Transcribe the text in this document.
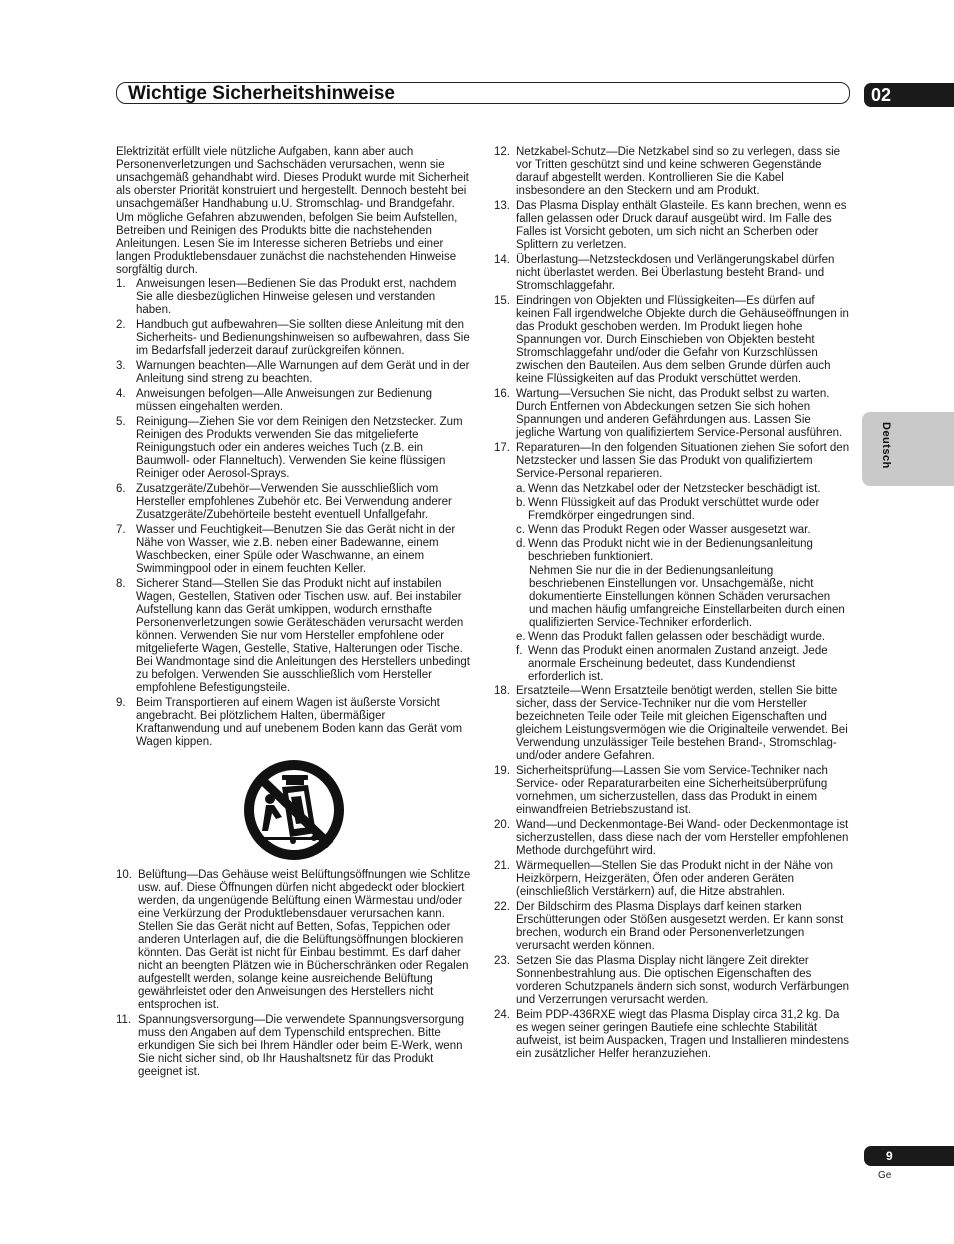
Wichtige Sicherheitshinweise	02
Deutsch

Elektrizität erfüllt viele nützliche Aufgaben, kann aber auch Personenverletzungen und Sachschäden verursachen, wenn sie unsachgemäß gehandhabt wird. Dieses Produkt wurde mit Sicherheit als oberster Priorität konstruiert und hergestellt. Dennoch besteht bei unsachgemäßer Handhabung u.U. Stromschlag- und Brandgefahr.

Um mögliche Gefahren abzuwenden, befolgen Sie beim Aufstellen, Betreiben und Reinigen des Produkts bitte die nachstehenden Anleitungen. Lesen Sie im Interesse sicheren Betriebs und einer langen Produktlebensdauer zunächst die nachstehenden Hinweise sorgfältig durch.

1. Anweisungen lesen—Bedienen Sie das Produkt erst, nachdem Sie alle diesbezüglichen Hinweise gelesen und verstanden haben.
2. Handbuch gut aufbewahren—Sie sollten diese Anleitung mit den Sicherheits- und Bedienungshinweisen so aufbewahren, dass Sie im Bedarfsfall jederzeit darauf zurückgreifen können.
3. Warnungen beachten—Alle Warnungen auf dem Gerät und in der Anleitung sind streng zu beachten.
4. Anweisungen befolgen—Alle Anweisungen zur Bedienung müssen eingehalten werden.
5. Reinigung—Ziehen Sie vor dem Reinigen den Netzstecker. Zum Reinigen des Produkts verwenden Sie das mitgelieferte Reinigungstuch oder ein anderes weiches Tuch (z.B. ein Baumwoll- oder Flanneltuch). Verwenden Sie keine flüssigen Reiniger oder Aerosol-Sprays.
6. Zusatzgeräte/Zubehör—Verwenden Sie ausschließlich vom Hersteller empfohlenes Zubehör etc. Bei Verwendung anderer Zusatzgeräte/Zubehörteile besteht eventuell Unfallgefahr.
7. Wasser und Feuchtigkeit—Benutzen Sie das Gerät nicht in der Nähe von Wasser, wie z.B. neben einer Badewanne, einem Waschbecken, einer Spüle oder Waschwanne, an einem Swimmingpool oder in einem feuchten Keller.
8. Sicherer Stand—Stellen Sie das Produkt nicht auf instabilen Wagen, Gestellen, Stativen oder Tischen usw. auf. Bei instabiler Aufstellung kann das Gerät umkippen, wodurch ernsthafte Personenverletzungen sowie Geräteschäden verursacht werden können. Verwenden Sie nur vom Hersteller empfohlene oder mitgelieferte Wagen, Gestelle, Stative, Halterungen oder Tische. Bei Wandmontage sind die Anleitungen des Herstellers unbedingt zu befolgen. Verwenden Sie ausschließlich vom Hersteller empfohlene Befestigungsteile.
9. Beim Transportieren auf einem Wagen ist äußerste Vorsicht angebracht. Bei plötzlichem Halten, übermäßiger Kraftanwendung und auf unebenem Boden kann das Gerät vom Wagen kippen.
10. Belüftung—Das Gehäuse weist Belüftungsöffnungen wie Schlitze usw. auf. Diese Öffnungen dürfen nicht abgedeckt oder blockiert werden, da ungenügende Belüftung einen Wärmestau und/oder eine Verkürzung der Produktlebensdauer verursachen kann. Stellen Sie das Gerät nicht auf Betten, Sofas, Teppichen oder anderen Unterlagen auf, die die Belüftungsöffnungen blockieren könnten. Das Gerät ist nicht für Einbau bestimmt. Es darf daher nicht an beengten Plätzen wie in Bücherschränken oder Regalen aufgestellt werden, solange keine ausreichende Belüftung gewährleistet oder den Anweisungen des Herstellers nicht entsprochen ist.
11. Spannungsversorgung—Die verwendete Spannungsversorgung muss den Angaben auf dem Typenschild entsprechen. Bitte erkundigen Sie sich bei Ihrem Händler oder beim E-Werk, wenn Sie nicht sicher sind, ob Ihr Haushaltsnetz für das Produkt geeignet ist.
12. Netzkabel-Schutz—Die Netzkabel sind so zu verlegen, dass sie vor Tritten geschützt sind und keine schweren Gegenstände darauf abgestellt werden. Kontrollieren Sie die Kabel insbesondere an den Steckern und am Produkt.
13. Das Plasma Display enthält Glasteile. Es kann brechen, wenn es fallen gelassen oder Druck darauf ausgeübt wird. Im Falle des Falles ist Vorsicht geboten, um sich nicht an Scherben oder Splittern zu verletzen.
14. Überlastung—Netzsteckdosen und Verlängerungskabel dürfen nicht überlastet werden. Bei Überlastung besteht Brand- und Stromschlaggefahr.
15. Eindringen von Objekten und Flüssigkeiten—Es dürfen auf keinen Fall irgendwelche Objekte durch die Gehäuseöffnungen in das Produkt geschoben werden. Im Produkt liegen hohe Spannungen vor. Durch Einschieben von Objekten besteht Stromschlaggefahr und/oder die Gefahr von Kurzschlüssen zwischen den Bauteilen. Aus dem selben Grunde dürfen auch keine Flüssigkeiten auf das Produkt verschüttet werden.
16. Wartung—Versuchen Sie nicht, das Produkt selbst zu warten. Durch Entfernen von Abdeckungen setzen Sie sich hohen Spannungen und anderen Gefährdungen aus. Lassen Sie jegliche Wartung von qualifiziertem Service-Personal ausführen.
17. Reparaturen—In den folgenden Situationen ziehen Sie sofort den Netzstecker und lassen Sie das Produkt von qualifiziertem Service-Personal reparieren.
a. Wenn das Netzkabel oder der Netzstecker beschädigt ist.
b. Wenn Flüssigkeit auf das Produkt verschüttet wurde oder Fremdkörper eingedrungen sind.
c. Wenn das Produkt Regen oder Wasser ausgesetzt war.
d. Wenn das Produkt nicht wie in der Bedienungsanleitung beschrieben funktioniert.
Nehmen Sie nur die in der Bedienungsanleitung beschriebenen Einstellungen vor. Unsachgemäße, nicht dokumentierte Einstellungen können Schäden verursachen und machen häufig umfangreiche Einstellarbeiten durch einen qualifizierten Service-Techniker erforderlich.
e. Wenn das Produkt fallen gelassen oder beschädigt wurde.
f. Wenn das Produkt einen anormalen Zustand anzeigt. Jede anormale Erscheinung bedeutet, dass Kundendienst erforderlich ist.
18. Ersatzteile—Wenn Ersatzteile benötigt werden, stellen Sie bitte sicher, dass der Service-Techniker nur die vom Hersteller bezeichneten Teile oder Teile mit gleichen Eigenschaften und gleichem Leistungsvermögen wie die Originalteile verwendet. Bei Verwendung unzulässiger Teile bestehen Brand-, Stromschlag- und/oder andere Gefahren.
19. Sicherheitsprüfung—Lassen Sie vom Service-Techniker nach Service- oder Reparaturarbeiten eine Sicherheitsüberprüfung vornehmen, um sicherzustellen, dass das Produkt in einem einwandfreien Betriebszustand ist.
20. Wand—und Deckenmontage-Bei Wand- oder Deckenmontage ist sicherzustellen, dass diese nach der vom Hersteller empfohlenen Methode durchgeführt wird.
21. Wärmequellen—Stellen Sie das Produkt nicht in der Nähe von Heizkörpern, Heizgeräten, Öfen oder anderen Geräten (einschließlich Verstärkern) auf, die Hitze abstrahlen.
22. Der Bildschirm des Plasma Displays darf keinen starken Erschütterungen oder Stößen ausgesetzt werden. Er kann sonst brechen, wodurch ein Brand oder Personenverletzungen verursacht werden können.
23. Setzen Sie das Plasma Display nicht längere Zeit direkter Sonnenbestrahlung aus. Die optischen Eigenschaften des vorderen Schutzpanels ändern sich sonst, wodurch Verfärbungen und Verzerrungen verursacht werden.
24. Beim PDP-436RXE wiegt das Plasma Display circa 31,2 kg. Da es wegen seiner geringen Bautiefe eine schlechte Stabilität aufweist, ist beim Auspacken, Tragen und Installieren mindestens ein zusätzlicher Helfer heranzuziehen.
9
Ge
